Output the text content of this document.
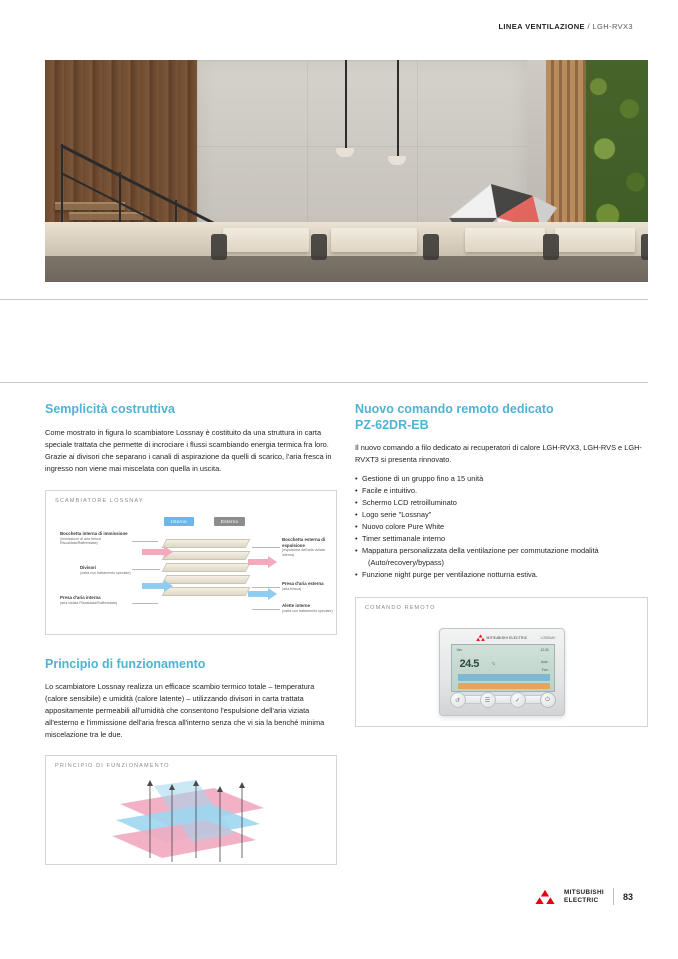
LINEA VENTILAZIONE / LGH-RVX3
Semplicità costruttiva

Come mostrato in figura lo scambiatore Lossnay è costituito da una struttura in carta speciale trattata che permette di incrociare i flussi scambiando energia termica fra loro. Grazie ai divisori che separano i canali di aspirazione da quelli di scarico, l'aria fresca in ingresso non viene mai miscelata con quella in uscita.

SCAMBIATORE LOSSNAY
Interno	Esterno
Bocchetta interna di immissione
(immissione di aria fresca Riscaldata/Raffreddata)
Divisori
(carta con trattamento speciale)
Presa d'aria interna
(aria viziata Riscaldata/Raffreddata)
Bocchetta esterna di espulsione
(espulsione dell'aria viziata interna)
Presa d'aria esterna
(aria fresca)
Alette interne
(carta con trattamento speciale)
Principio di funzionamento

Lo scambiatore Lossnay realizza un efficace scambio termico totale – temperatura (calore sensibile) e umidità (calore latente) – utilizzando divisori in carta trattata appositamente permeabili all'umidità che consentono l'espulsione dell'aria viziata all'esterno e l'immissione dell'aria fresca all'interno senza che vi sia la benché minima miscelazione tra le due.

PRINCIPIO DI FUNZIONAMENTO
Nuovo comando remoto dedicato
PZ-62DR-EB

Il nuovo comando a filo dedicato ai recuperatori di calore LGH-RVX3, LGH-RVS e LGH-RVXT3 si presenta rinnovato.

• Gestione di un gruppo fino a 15 unità
• Facile e intuitivo.
• Schermo LCD retroilluminato
• Logo serie "Lossnay"
• Nuovo colore Pure White
• Timer settimanale interno
• Mappatura personalizzata della ventilazione per commutazione modalità
(Auto/recovery/bypass)
• Funzione night purge per ventilazione notturna estiva.
COMANDO REMOTO
MITSUBISHI ELECTRIC	LOSSNAY
Ven	12:30
24.5	°C	Auto
Fan
↺	☰	✓	⏻
MITSUBISHI
ELECTRIC	83
